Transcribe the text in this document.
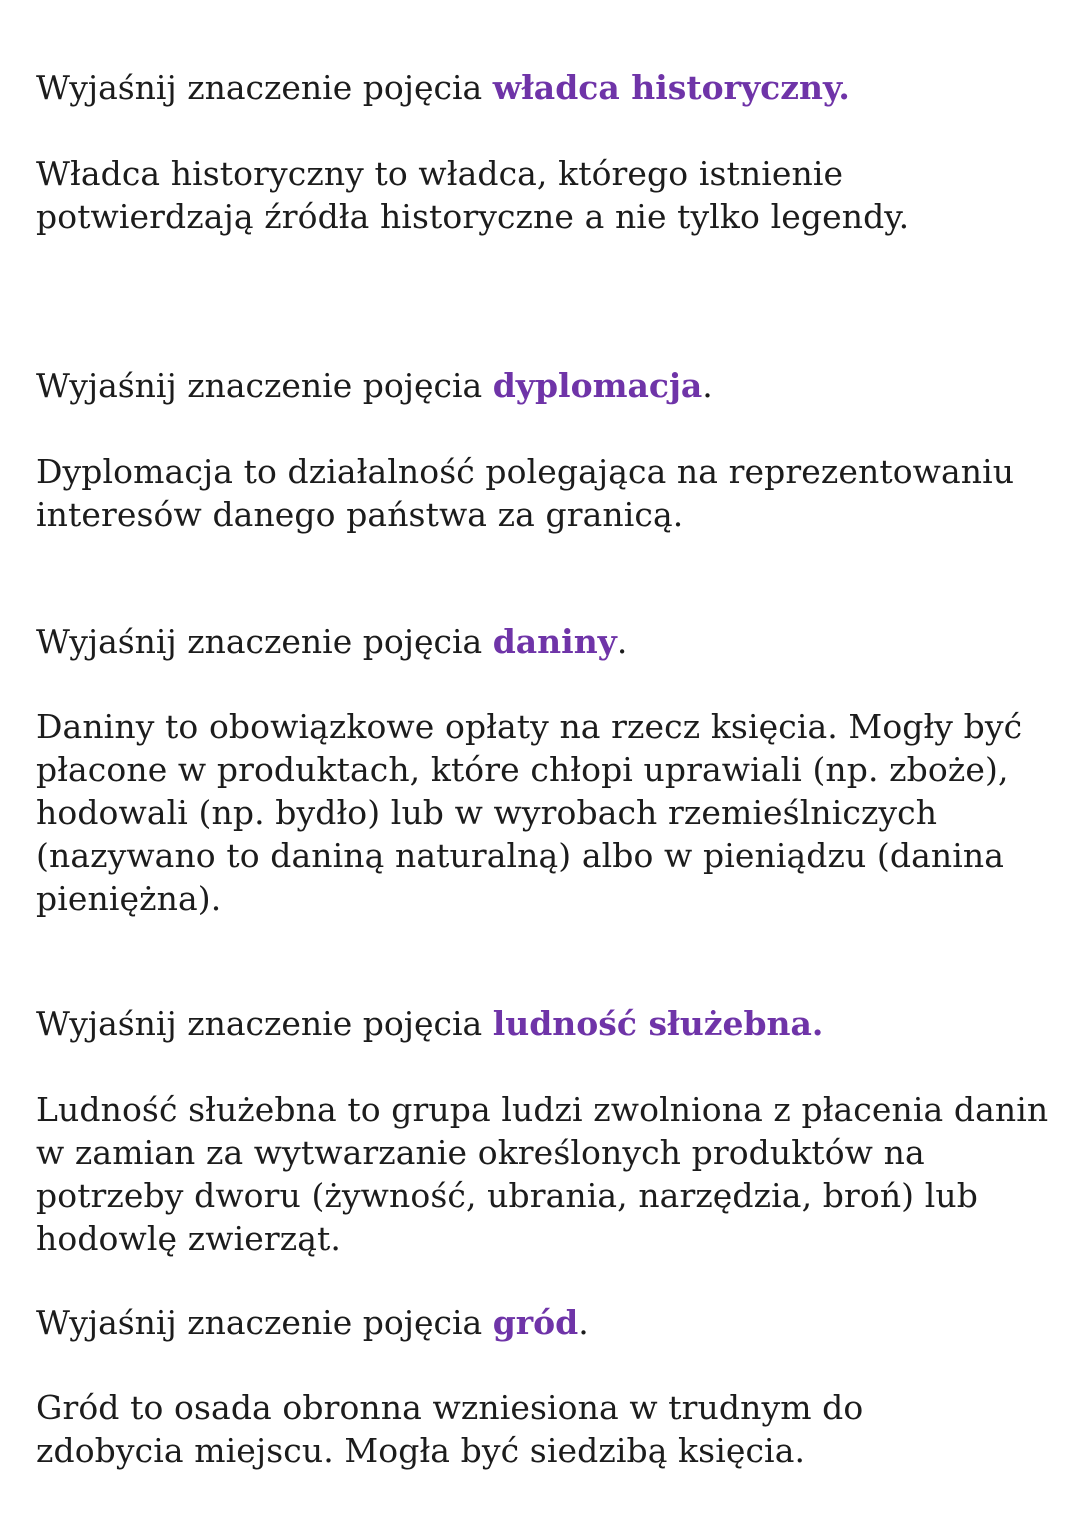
Wyjaśnij znaczenie pojęcia władca historyczny.

Władca historyczny to władca, którego istnienie potwierdzają źródła historyczne a nie tylko legendy.

Wyjaśnij znaczenie pojęcia dyplomacja.

Dyplomacja to działalność polegająca na reprezentowaniu interesów danego państwa za granicą.

Wyjaśnij znaczenie pojęcia daniny.

Daniny to obowiązkowe opłaty na rzecz księcia. Mogły być płacone w produktach, które chłopi uprawiali (np. zboże), hodowali (np. bydło) lub w wyrobach rzemieślniczych (nazywano to daniną naturalną) albo w pieniądzu (danina pieniężna).

Wyjaśnij znaczenie pojęcia ludność służebna.

Ludność służebna to grupa ludzi zwolniona z płacenia danin w zamian za wytwarzanie określonych produktów na potrzeby dworu (żywność, ubrania, narzędzia, broń) lub hodowlę zwierząt.

Wyjaśnij znaczenie pojęcia gród.

Gród to osada obronna wzniesiona w trudnym do zdobycia miejscu. Mogła być siedzibą księcia.
